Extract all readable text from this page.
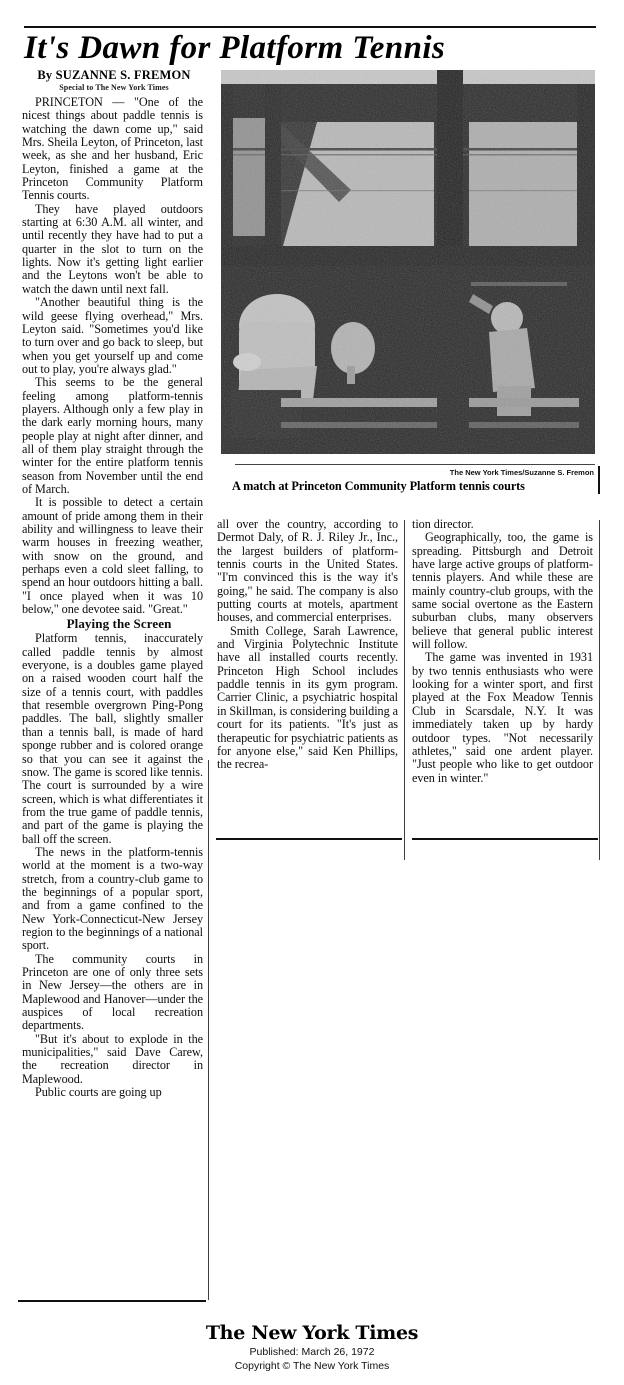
It's Dawn for Platform Tennis
By SUZANNE S. FREMON
Special to The New York Times
The New York Times/Suzanne S. Fremon
A match at Princeton Community Platform tennis courts

PRINCETON — "One of the nicest things about paddle tennis is watching the dawn come up," said Mrs. Sheila Leyton, of Princeton, last week, as she and her husband, Eric Leyton, finished a game at the Princeton Community Platform Tennis courts.

They have played outdoors starting at 6:30 A.M. all winter, and until recently they have had to put a quarter in the slot to turn on the lights. Now it's getting light earlier and the Leytons won't be able to watch the dawn until next fall.

"Another beautiful thing is the wild geese flying overhead," Mrs. Leyton said. "Sometimes you'd like to turn over and go back to sleep, but when you get yourself up and come out to play, you're always glad."

This seems to be the general feeling among platform-tennis players. Although only a few play in the dark early morning hours, many people play at night after dinner, and all of them play straight through the winter for the entire platform tennis season from November until the end of March.

It is possible to detect a certain amount of pride among them in their ability and willingness to leave their warm houses in freezing weather, with snow on the ground, and perhaps even a cold sleet falling, to spend an hour outdoors hitting a ball. "I once played when it was 10 below," one devotee said. "Great."

Playing the Screen

Platform tennis, inaccurately called paddle tennis by almost everyone, is a doubles game played on a raised wooden court half the size of a tennis court, with paddles that resemble overgrown Ping-Pong paddles. The ball, slightly smaller than a tennis ball, is made of hard sponge rubber and is colored orange so that you can see it against the snow. The game is scored like tennis. The court is surrounded by a wire screen, which is what differentiates it from the true game of paddle tennis, and part of the game is playing the ball off the screen.

The news in the platform-tennis world at the moment is a two-way stretch, from a country-club game to the beginnings of a popular sport, and from a game confined to the New York-Connecticut-New Jersey region to the beginnings of a national sport.

The community courts in Princeton are one of only three sets in New Jersey—the others are in Maplewood and Hanover—under the auspices of local recreation departments.

"But it's about to explode in the municipalities," said Dave Carew, the recreation director in Maplewood.

Public courts are going up

all over the country, according to Dermot Daly, of R. J. Riley Jr., Inc., the largest builders of platform-tennis courts in the United States. "I'm convinced this is the way it's going," he said. The company is also putting courts at motels, apartment houses, and commercial enterprises.

Smith College, Sarah Lawrence, and Virginia Polytechnic Institute have all installed courts recently. Princeton High School includes paddle tennis in its gym program. Carrier Clinic, a psychiatric hospital in Skillman, is considering building a court for its patients. "It's just as therapeutic for psychiatric patients as for anyone else," said Ken Phillips, the recrea-

tion director.

Geographically, too, the game is spreading. Pittsburgh and Detroit have large active groups of platform-tennis players. And while these are mainly country-club groups, with the same social overtone as the Eastern suburban clubs, many observers believe that general public interest will follow.

The game was invented in 1931 by two tennis enthusiasts who were looking for a winter sport, and first played at the Fox Meadow Tennis Club in Scarsdale, N.Y. It was immediately taken up by hardy outdoor types. "Not necessarily athletes," said one ardent player. "Just people who like to get outdoor even in winter."

The New York Times
Published: March 26, 1972
Copyright © The New York Times
